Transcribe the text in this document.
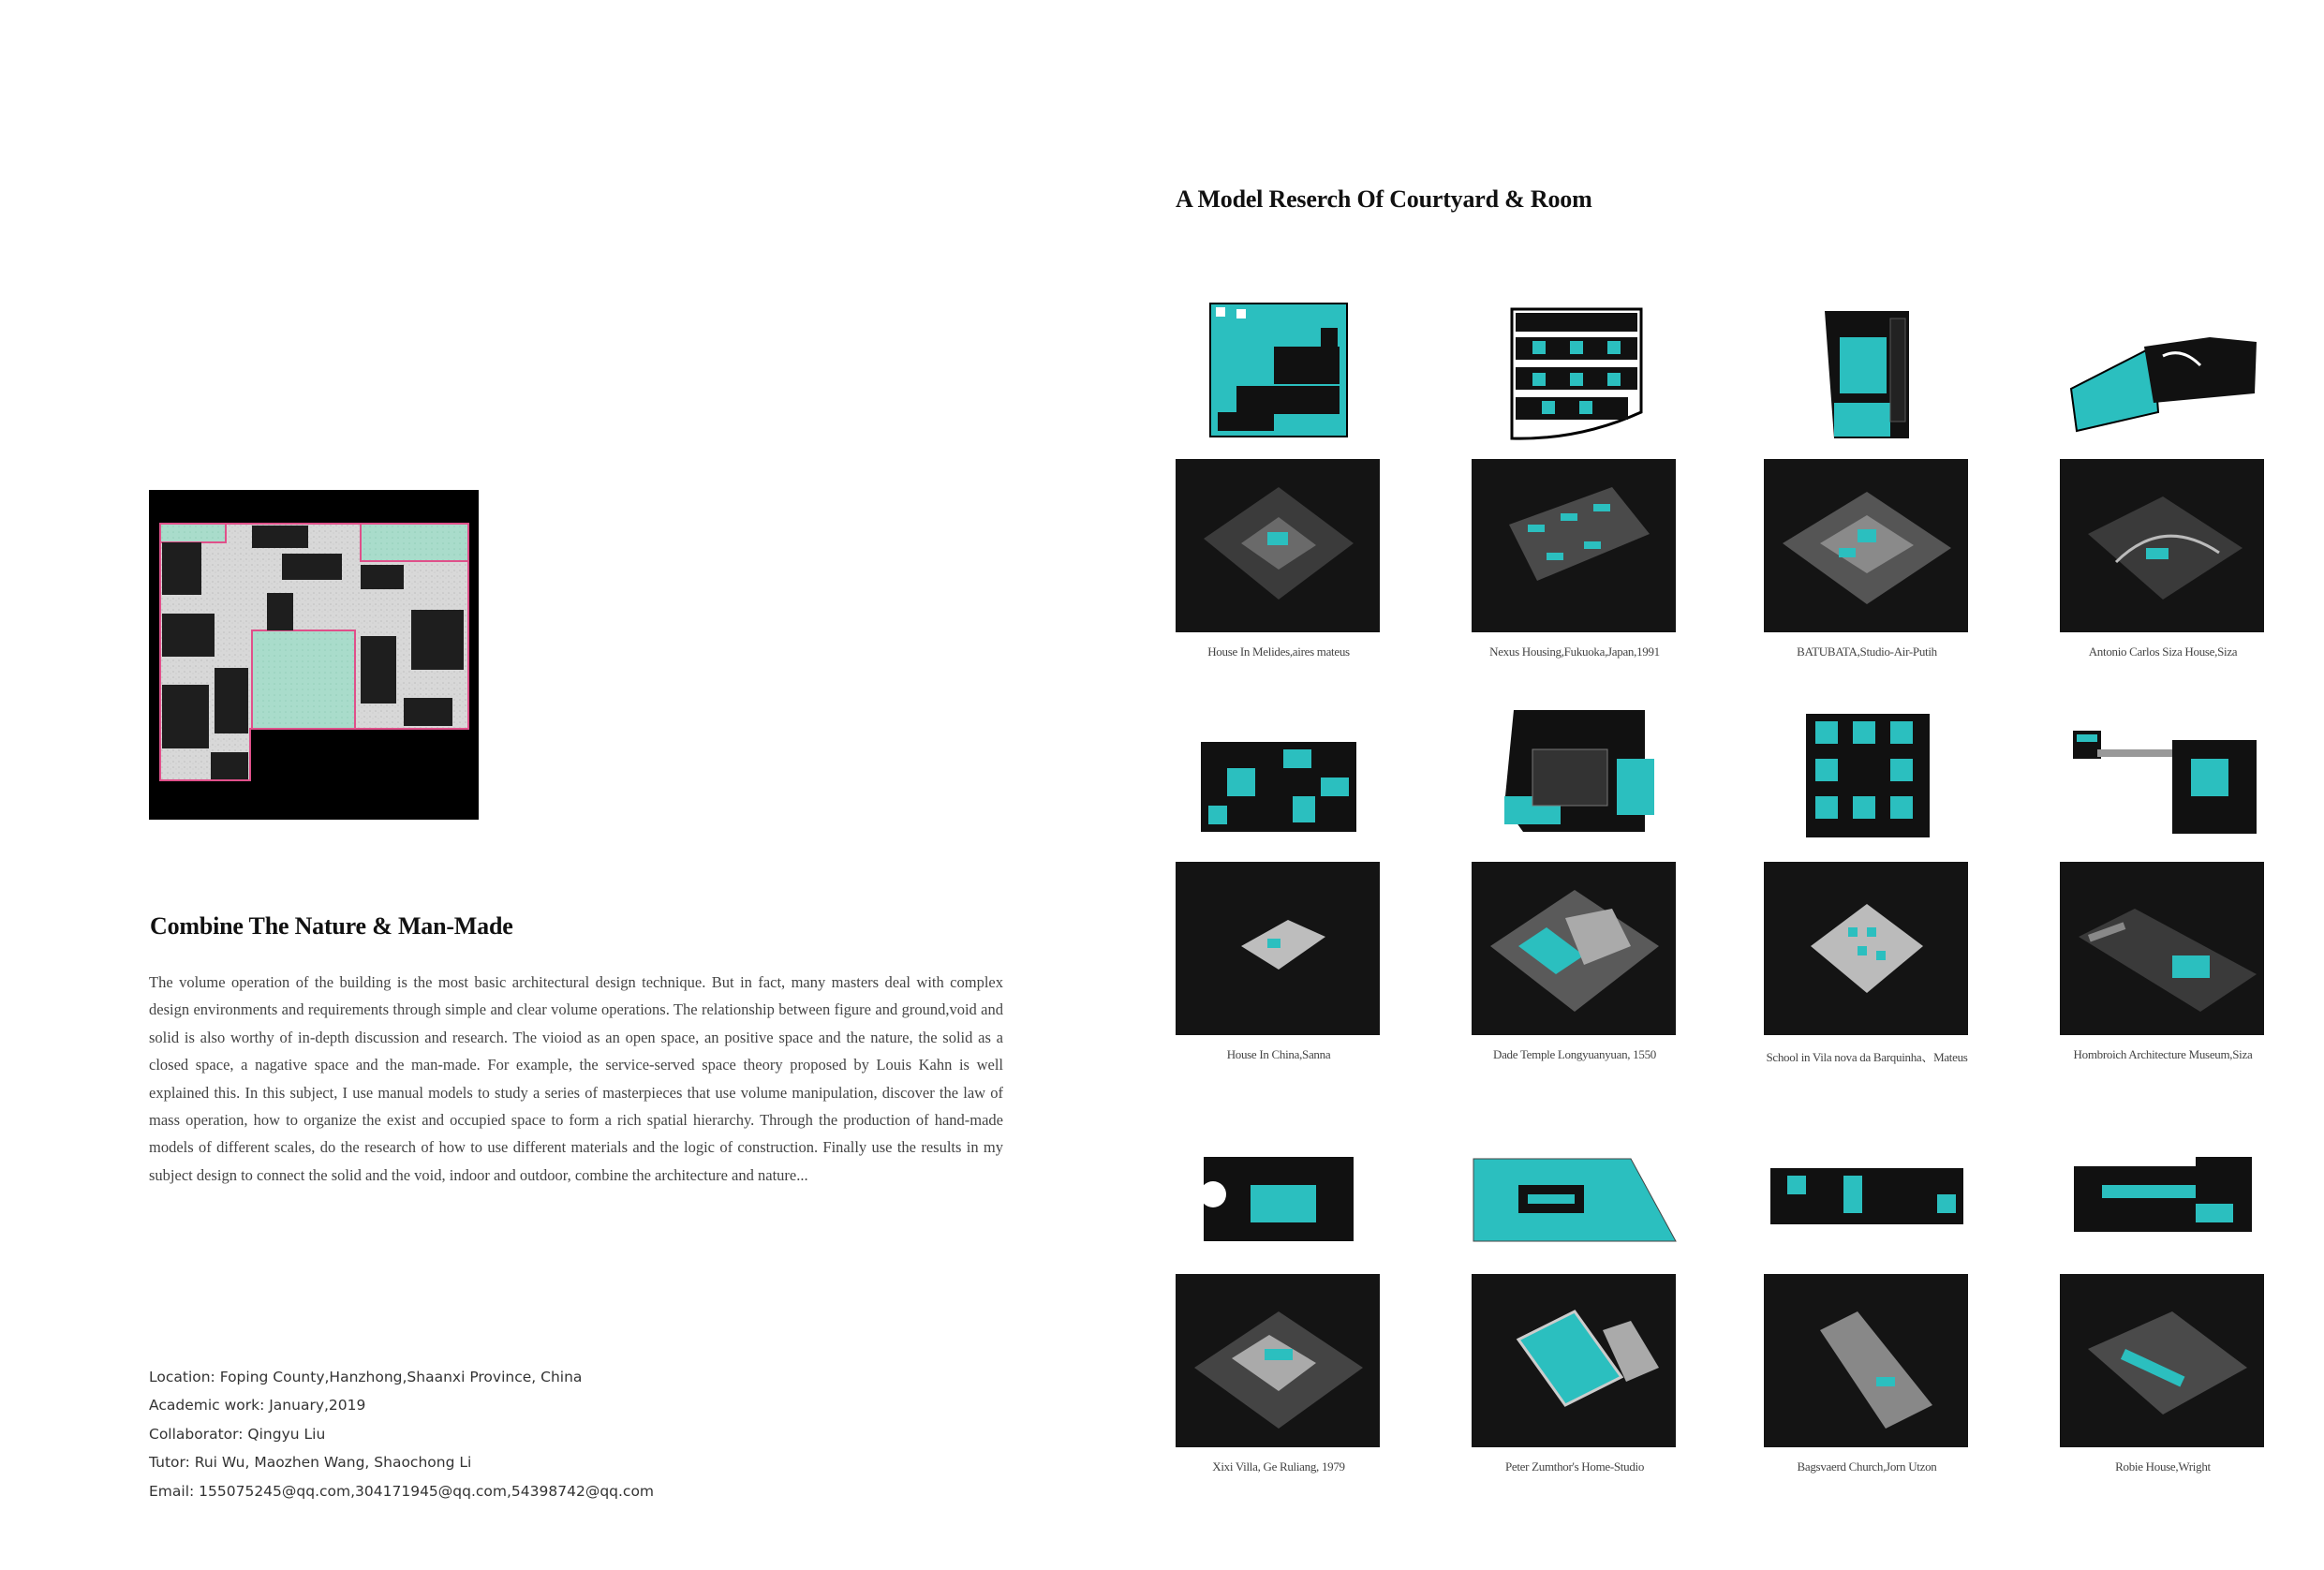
Combine The Nature & Man-Made
The volume operation of the building is the most basic architectural design technique. But in fact, many masters deal with complex design environments and requirements through simple and clear volume operations. The relationship between figure and ground,void and solid is also worthy of in-depth discussion and research. The vioiod as an open space, an positive space and the nature, the solid as a closed space, a nagative space and the man-made. For example, the service-served space theory proposed by Louis Kahn is well explained this. In this subject, I use manual models to study a series of masterpieces that use volume manipulation, discover the law of mass operation, how to organize the exist and occupied space to form a rich spatial hierarchy. Through the production of hand-made models of different scales, do the research of how to use different materials and the logic of construction. Finally use the results in my subject design to connect the solid and the void, indoor and outdoor, combine the architecture and nature...
Location: Foping County,Hanzhong,Shaanxi Province, China
Academic work: January,2019
Collaborator: Qingyu Liu
Tutor: Rui Wu, Maozhen Wang, Shaochong Li
Email: 155075245@qq.com,304171945@qq.com,54398742@qq.com
A Model Reserch Of Courtyard & Room
House In Melides,aires mateus	Nexus Housing,Fukuoka,Japan,1991	BATUBATA,Studio-Air-Putih	Antonio Carlos Siza House,Siza
House In China,Sanna	Dade Temple Longyuanyuan, 1550	School in Vila nova da Barquinha、Mateus	Hombroich Architecture Museum,Siza
Xixi Villa, Ge Ruliang, 1979	Peter Zumthor's Home-Studio	Bagsvaerd Church,Jorn Utzon	Robie House,Wright
